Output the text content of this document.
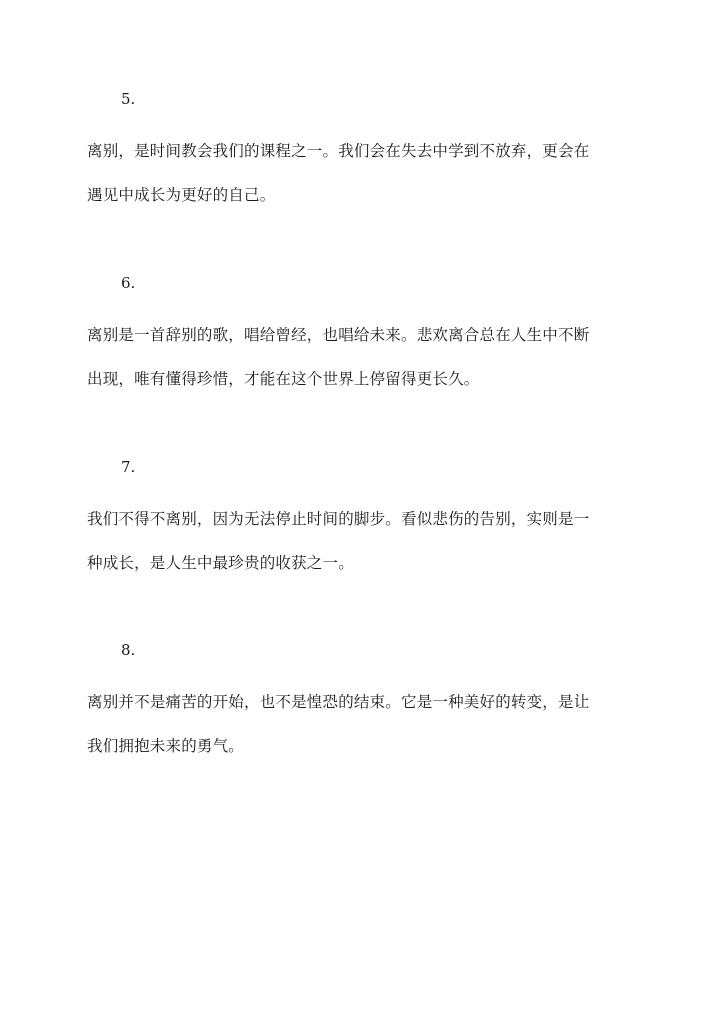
5.

离别，是时间教会我们的课程之一。我们会在失去中学到不放弃，更会在
遇见中成长为更好的自己。

6.

离别是一首辞别的歌，唱给曾经，也唱给未来。悲欢离合总在人生中不断
出现，唯有懂得珍惜，才能在这个世界上停留得更长久。

7.

我们不得不离别，因为无法停止时间的脚步。看似悲伤的告别，实则是一
种成长，是人生中最珍贵的收获之一。

8.

离别并不是痛苦的开始，也不是惶恐的结束。它是一种美好的转变，是让
我们拥抱未来的勇气。
